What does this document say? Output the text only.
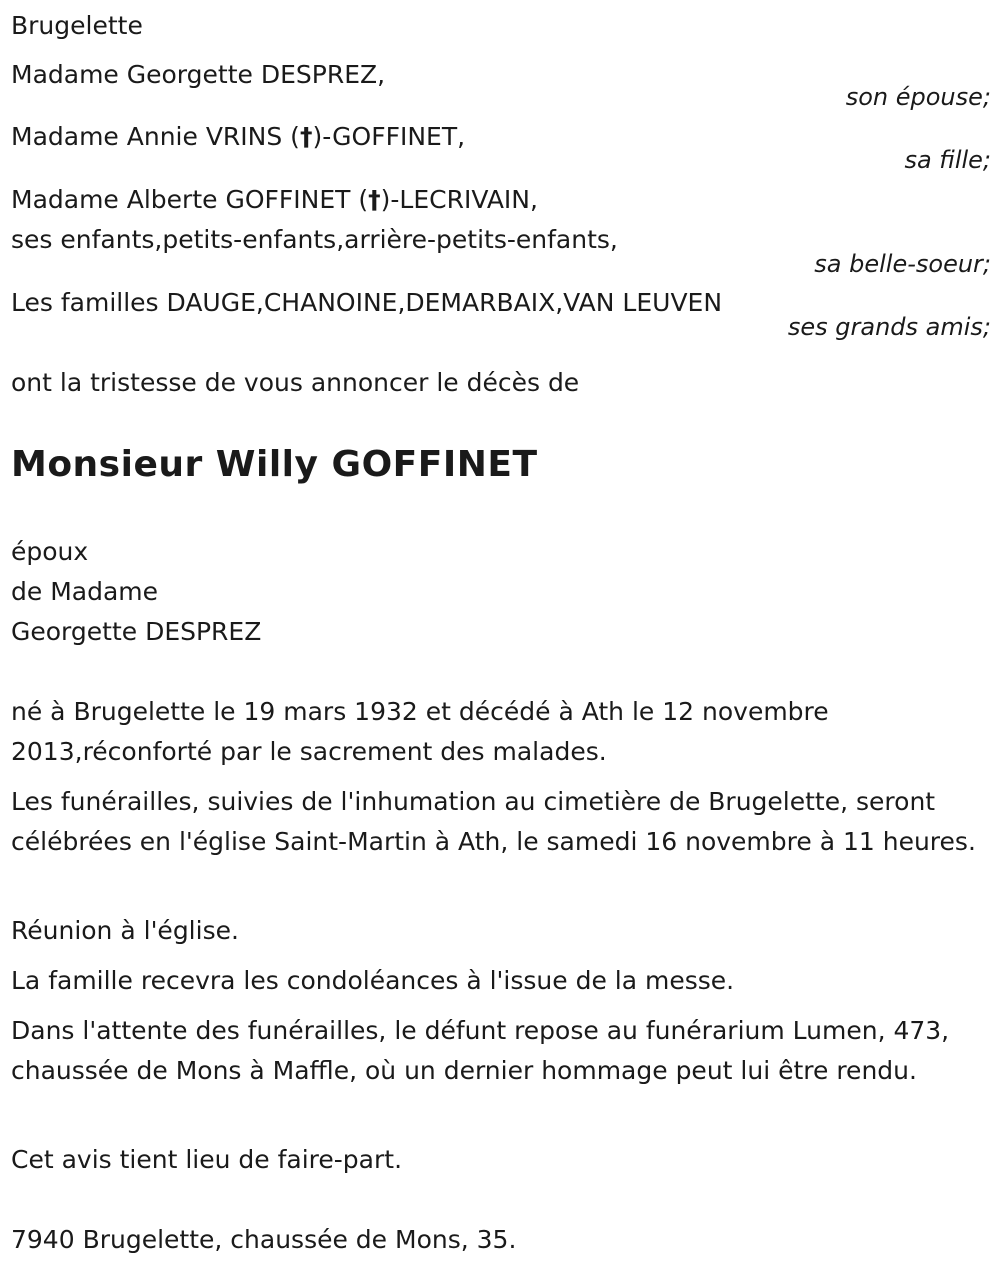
Brugelette
Madame Georgette DESPREZ,
son épouse;
Madame Annie VRINS (†)-GOFFINET,
sa fille;
Madame Alberte GOFFINET (†)-LECRIVAIN,
ses enfants,petits-enfants,arrière-petits-enfants,
sa belle-soeur;
Les familles DAUGE,CHANOINE,DEMARBAIX,VAN LEUVEN
ses grands amis;
ont la tristesse de vous annoncer le décès de
Monsieur Willy GOFFINET
époux
de Madame
Georgette DESPREZ
né à Brugelette le 19 mars 1932 et décédé à Ath le 12 novembre 2013,réconforté par le sacrement des malades.
Les funérailles, suivies de l'inhumation au cimetière de Brugelette, seront célébrées en l'église Saint-Martin à Ath, le samedi 16 novembre à 11 heures.
Réunion à l'église.
La famille recevra les condoléances à l'issue de la messe.
Dans l'attente des funérailles, le défunt repose au funérarium Lumen, 473, chaussée de Mons à Maffle, où un dernier hommage peut lui être rendu.
Cet avis tient lieu de faire-part.
7940 Brugelette, chaussée de Mons, 35.
